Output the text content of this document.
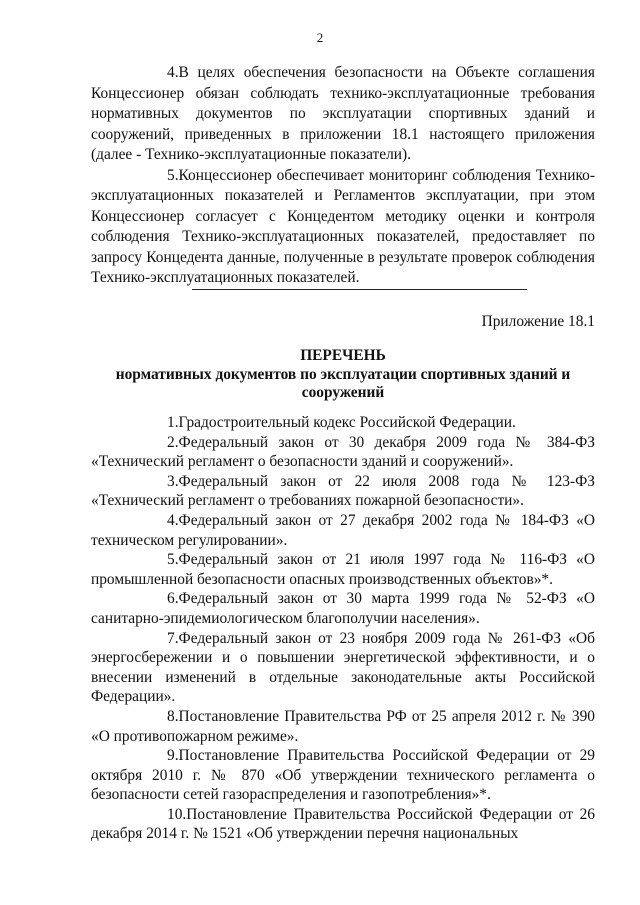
2

4.В целях обеспечения безопасности на Объекте соглашения Концессионер обязан соблюдать технико-эксплуатационные требования нормативных документов по эксплуатации спортивных зданий и сооружений, приведенных в приложении 18.1 настоящего приложения (далее - Технико-эксплуатационные показатели).

5.Концессионер обеспечивает мониторинг соблюдения Технико-эксплуатационных показателей и Регламентов эксплуатации, при этом Концессионер согласует с Концедентом методику оценки и контроля соблюдения Технико-эксплуатационных показателей, предоставляет по запросу Концедента данные, полученные в результате проверок соблюдения Технико-эксплуатационных показателей.

Приложение 18.1
ПЕРЕЧЕНЬ
нормативных документов по эксплуатации спортивных зданий и сооружений

1.Градостроительный кодекс Российской Федерации.

2.Федеральный закон от 30 декабря 2009 года № 384-ФЗ «Технический регламент о безопасности зданий и сооружений».

3.Федеральный закон от 22 июля 2008 года № 123-ФЗ «Технический регламент о требованиях пожарной безопасности».

4.Федеральный закон от 27 декабря 2002 года № 184-ФЗ «О техническом регулировании».

5.Федеральный закон от 21 июля 1997 года № 116-ФЗ «О промышленной безопасности опасных производственных объектов»*.

6.Федеральный закон от 30 марта 1999 года № 52-ФЗ «О санитарно-эпидемиологическом благополучии населения».

7.Федеральный закон от 23 ноября 2009 года № 261-ФЗ «Об энергосбережении и о повышении энергетической эффективности, и о внесении изменений в отдельные законодательные акты Российской Федерации».

8.Постановление Правительства РФ от 25 апреля 2012 г. № 390 «О противопожарном режиме».

9.Постановление Правительства Российской Федерации от 29 октября 2010 г. № 870 «Об утверждении технического регламента о безопасности сетей газораспределения и газопотребления»*.

10.Постановление Правительства Российской Федерации от 26 декабря 2014 г. № 1521 «Об утверждении перечня национальных
